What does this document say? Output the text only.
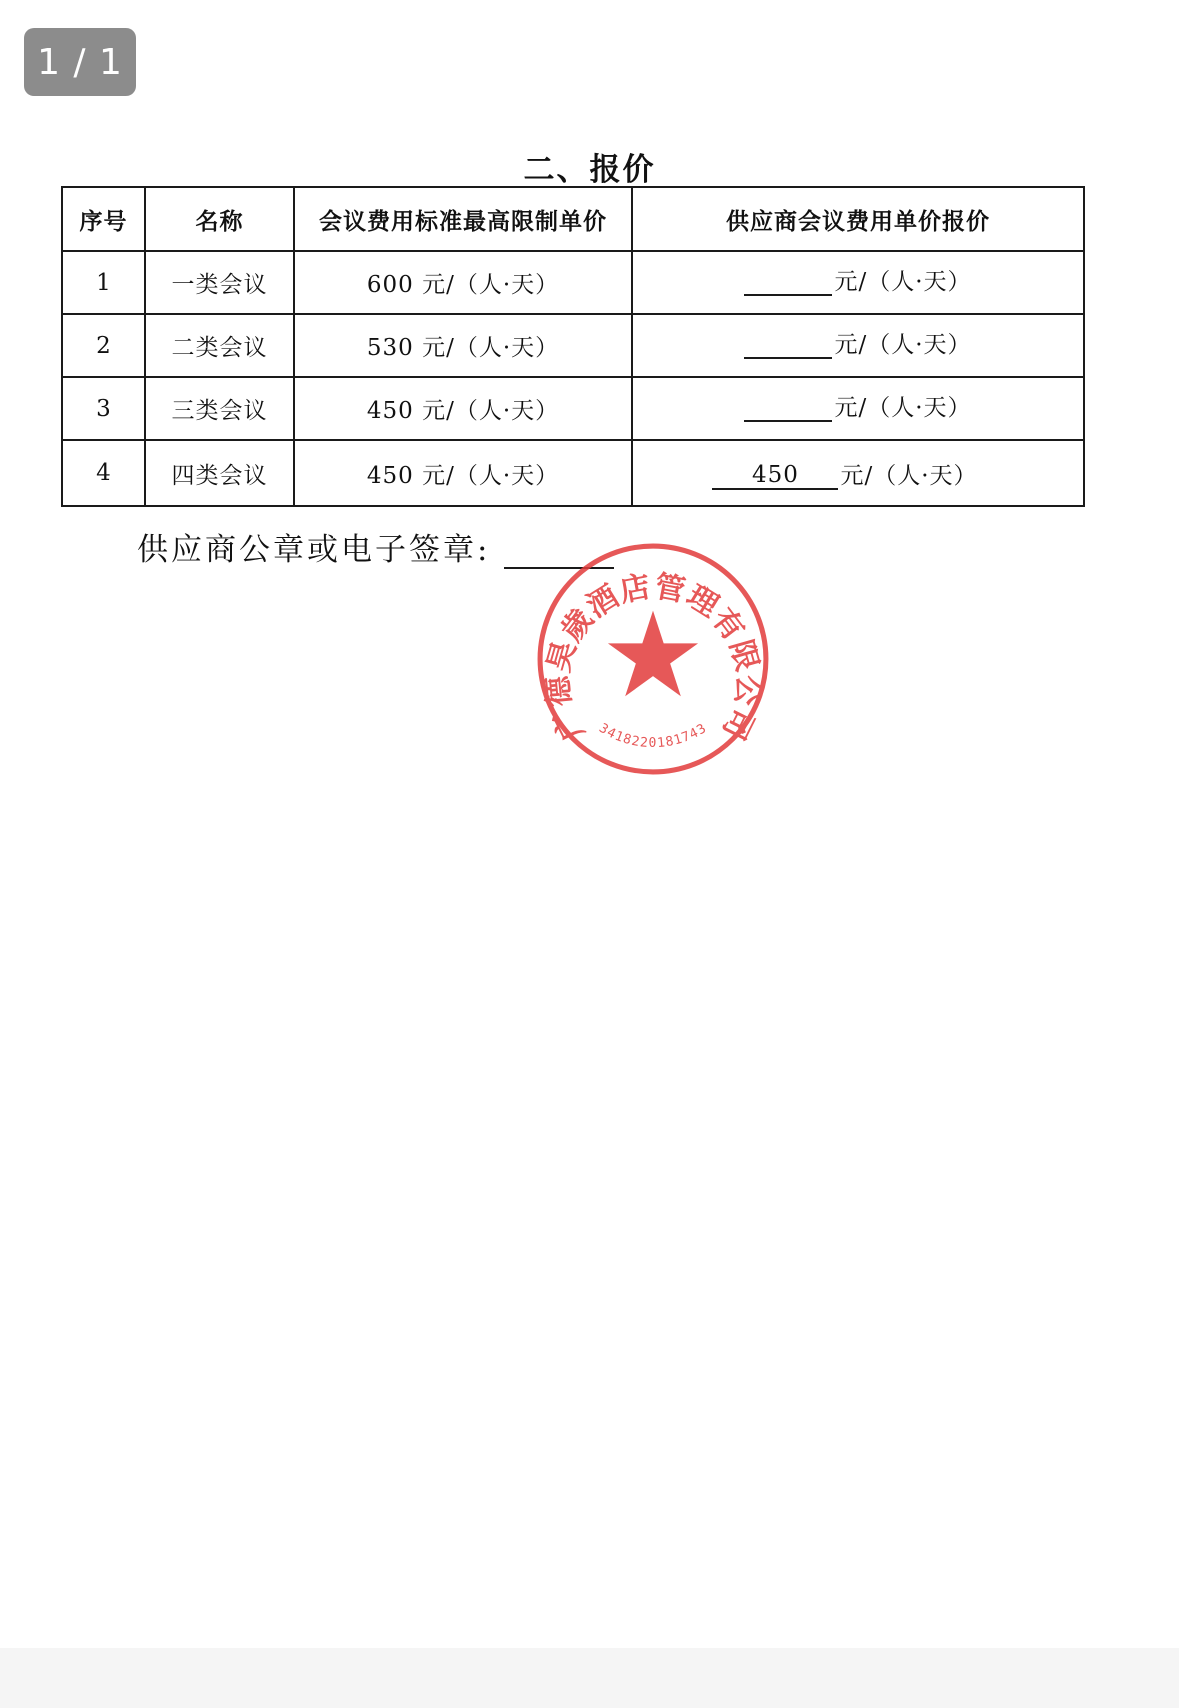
二、报价
序号	名称	会议费用标准最高限制单价	供应商会议费用单价报价
1	一类会议	600 元/（人·天）	元/（人·天）

2	二类会议	530 元/（人·天）	元/（人·天）

3	三类会议	450 元/（人·天）	元/（人·天）

4	四类会议	450 元/（人·天）	450 元/（人·天）
供应商公章或电子签章:
广德昊歲酒店管理有限公司
3418220181743
1 / 1
